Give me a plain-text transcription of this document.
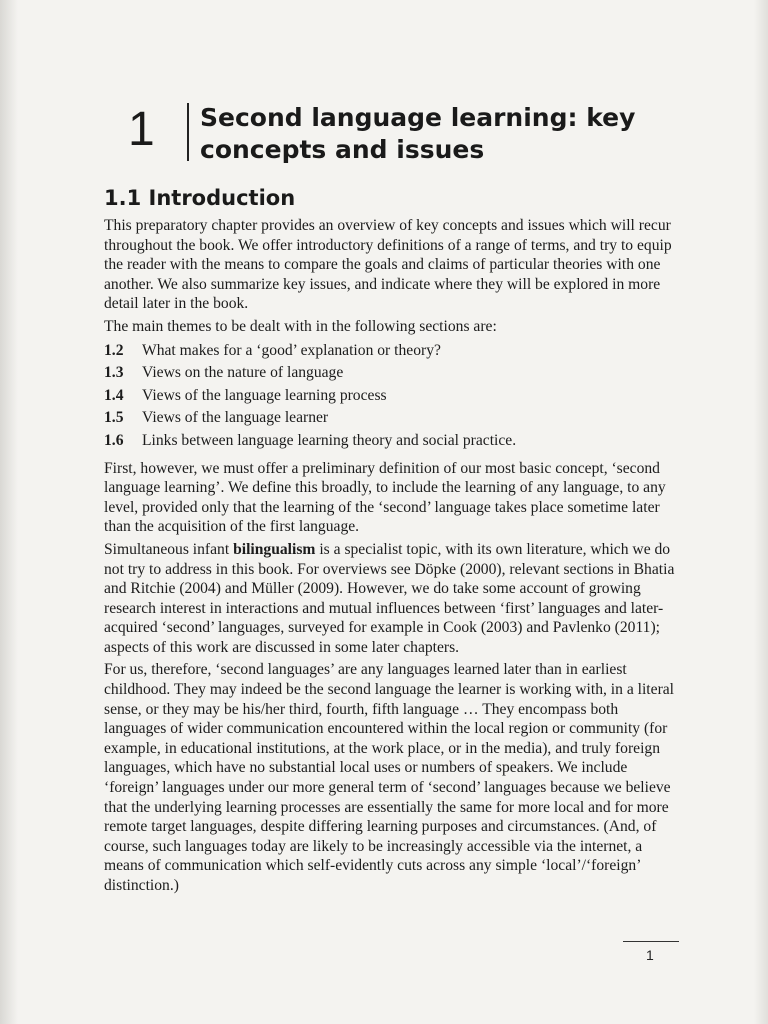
1 Second language learning: key concepts and issues
1.1 Introduction

This preparatory chapter provides an overview of key concepts and issues which will recur throughout the book. We offer introductory definitions of a range of terms, and try to equip the reader with the means to compare the goals and claims of particular theories with one another. We also summarize key issues, and indicate where they will be explored in more detail later in the book.

The main themes to be dealt with in the following sections are:

1.2 What makes for a ‘good’ explanation or theory?
1.3 Views on the nature of language
1.4 Views of the language learning process
1.5 Views of the language learner
1.6 Links between language learning theory and social practice.

First, however, we must offer a preliminary definition of our most basic concept, ‘second language learning’. We define this broadly, to include the learning of any language, to any level, provided only that the learning of the ‘second’ language takes place sometime later than the acquisition of the first language.

Simultaneous infant bilingualism is a specialist topic, with its own literature, which we do not try to address in this book. For overviews see Döpke (2000), relevant sections in Bhatia and Ritchie (2004) and Müller (2009). However, we do take some account of growing research interest in interactions and mutual influences between ‘first’ languages and later-acquired ‘second’ languages, surveyed for example in Cook (2003) and Pavlenko (2011); aspects of this work are discussed in some later chapters.

For us, therefore, ‘second languages’ are any languages learned later than in earliest childhood. They may indeed be the second language the learner is working with, in a literal sense, or they may be his/her third, fourth, fifth language … They encompass both languages of wider communication encountered within the local region or community (for example, in educational institutions, at the work place, or in the media), and truly foreign languages, which have no substantial local uses or numbers of speakers. We include ‘foreign’ languages under our more general term of ‘second’ languages because we believe that the underlying learning processes are essentially the same for more local and for more remote target languages, despite differing learning purposes and circumstances. (And, of course, such languages today are likely to be increasingly accessible via the internet, a means of communication which self-evidently cuts across any simple ‘local’/‘foreign’ distinction.)

1
